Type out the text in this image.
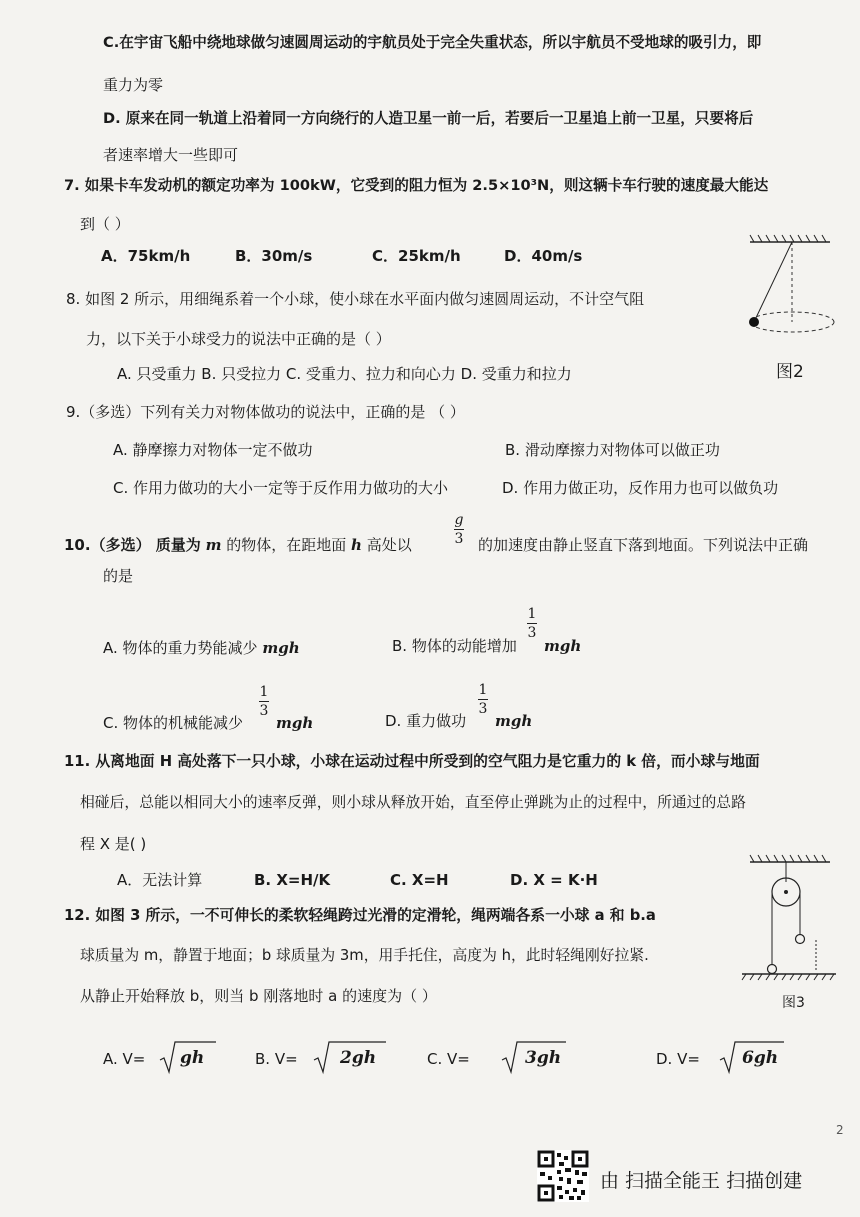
C.在宇宙飞船中绕地球做匀速圆周运动的宇航员处于完全失重状态，所以宇航员不受地球的吸引力，即
重力为零
D. 原来在同一轨道上沿着同一方向绕行的人造卫星一前一后，若要后一卫星追上前一卫星，只要将后
者速率增大一些即可
7. 如果卡车发动机的额定功率为 100kW，它受到的阻力恒为 2.5×10³N，则这辆卡车行驶的速度最大能达
到（ ）
A．75km/h	B．30m/s	C．25km/h	D．40m/s
8. 如图 2 所示，用细绳系着一个小球，使小球在水平面内做匀速圆周运动，不计空气阻
力，以下关于小球受力的说法中正确的是（ ）
A. 只受重力 B. 只受拉力 C. 受重力、拉力和向心力 D. 受重力和拉力	图2
9.（多选）下列有关力对物体做功的说法中，正确的是 （ ）
A. 静摩擦力对物体一定不做功	B. 滑动摩擦力对物体可以做正功
C. 作用力做功的大小一定等于反作用力做功的大小	D. 作用力做正功，反作用力也可以做负功
10.（多选） 质量为 m 的物体，在距地面 h 高处以
g
3 的加速度由静止竖直下落到地面。下列说法中正确
的是
A. 物体的重力势能减少 mgh	B. 物体的动能增加
1
3
mgh
C. 物体的机械能减少
1
3
mgh	D. 重力做功
1
3
mgh
11. 从离地面 H 高处落下一只小球，小球在运动过程中所受到的空气阻力是它重力的 k 倍，而小球与地面
相碰后，总能以相同大小的速率反弹，则小球从释放开始，直至停止弹跳为止的过程中，所通过的总路
程 X 是( )
A．无法计算	B. X=H/K	C. X=H	D. X = K·H
12. 如图 3 所示，一不可伸长的柔软轻绳跨过光滑的定滑轮，绳两端各系一小球 a 和 b.a
球质量为 m，静置于地面；b 球质量为 3m，用手托住，高度为 h，此时轻绳刚好拉紧.
从静止开始释放 b，则当 b 刚落地时 a 的速度为（ ）	图3
A. V= gh	B. V= 2gh	C. V=	3gh	D. V= 6gh
2
由 扫描全能王 扫描创建
